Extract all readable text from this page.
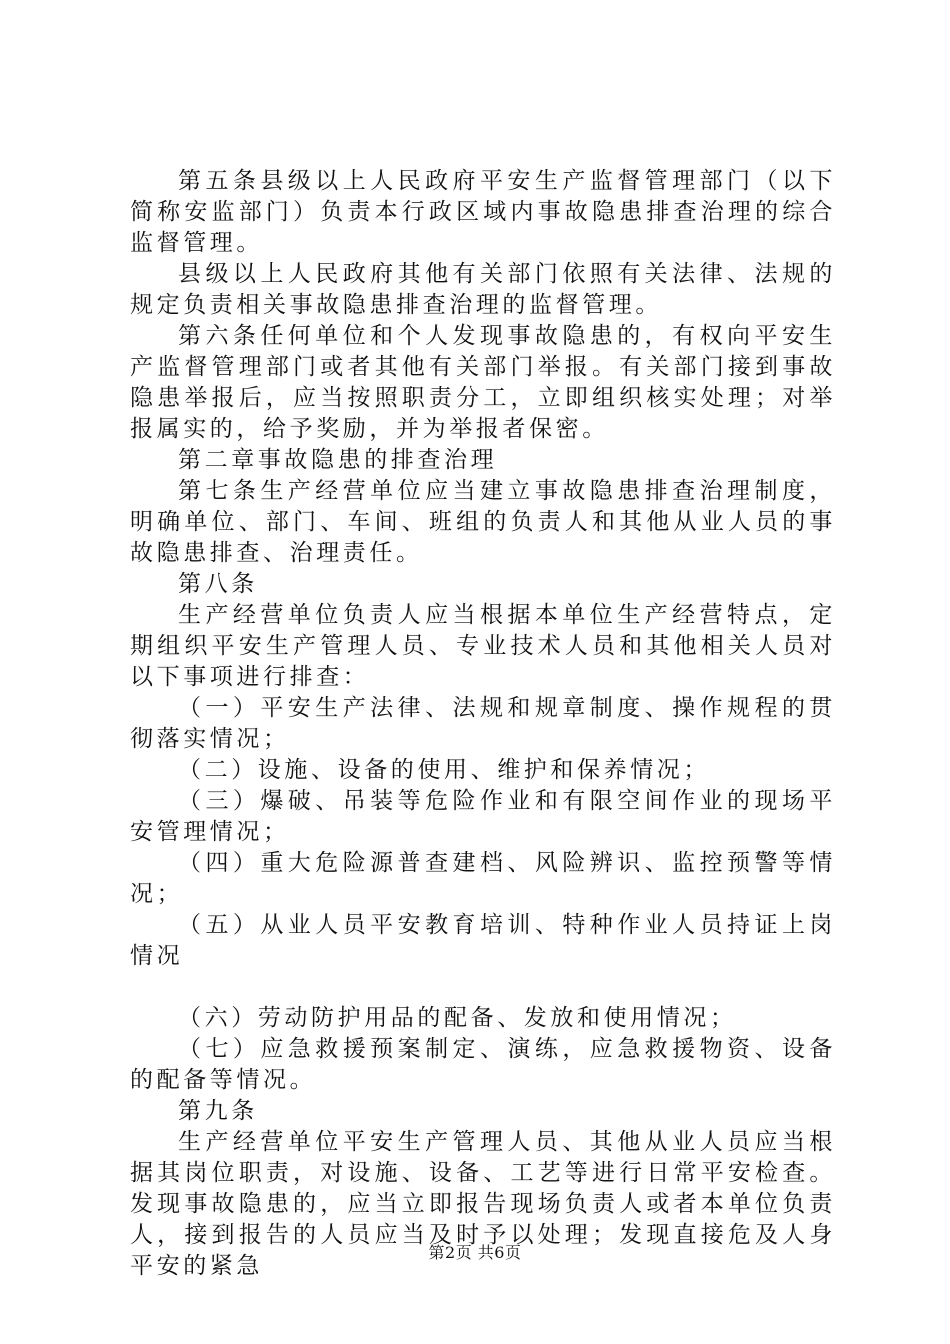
第五条县级以上人民政府平安生产监督管理部门（以下简称安监部门）负责本行政区域内事故隐患排查治理的综合监督管理。

县级以上人民政府其他有关部门依照有关法律、法规的规定负责相关事故隐患排查治理的监督管理。

第六条任何单位和个人发现事故隐患的，有权向平安生产监督管理部门或者其他有关部门举报。有关部门接到事故隐患举报后，应当按照职责分工，立即组织核实处理；对举报属实的，给予奖励，并为举报者保密。

第二章事故隐患的排查治理

第七条生产经营单位应当建立事故隐患排查治理制度，明确单位、部门、车间、班组的负责人和其他从业人员的事故隐患排查、治理责任。

第八条

生产经营单位负责人应当根据本单位生产经营特点，定期组织平安生产管理人员、专业技术人员和其他相关人员对以下事项进行排查：

（一）平安生产法律、法规和规章制度、操作规程的贯彻落实情况；

（二）设施、设备的使用、维护和保养情况；

（三）爆破、吊装等危险作业和有限空间作业的现场平安管理情况；

（四）重大危险源普查建档、风险辨识、监控预警等情况；

（五）从业人员平安教育培训、特种作业人员持证上岗情况

（六）劳动防护用品的配备、发放和使用情况；

（七）应急救援预案制定、演练，应急救援物资、设备的配备等情况。

第九条

生产经营单位平安生产管理人员、其他从业人员应当根据其岗位职责，对设施、设备、工艺等进行日常平安检查。发现事故隐患的，应当立即报告现场负责人或者本单位负责人，接到报告的人员应当及时予以处理；发现直接危及人身平安的紧急

第2页 共6页
